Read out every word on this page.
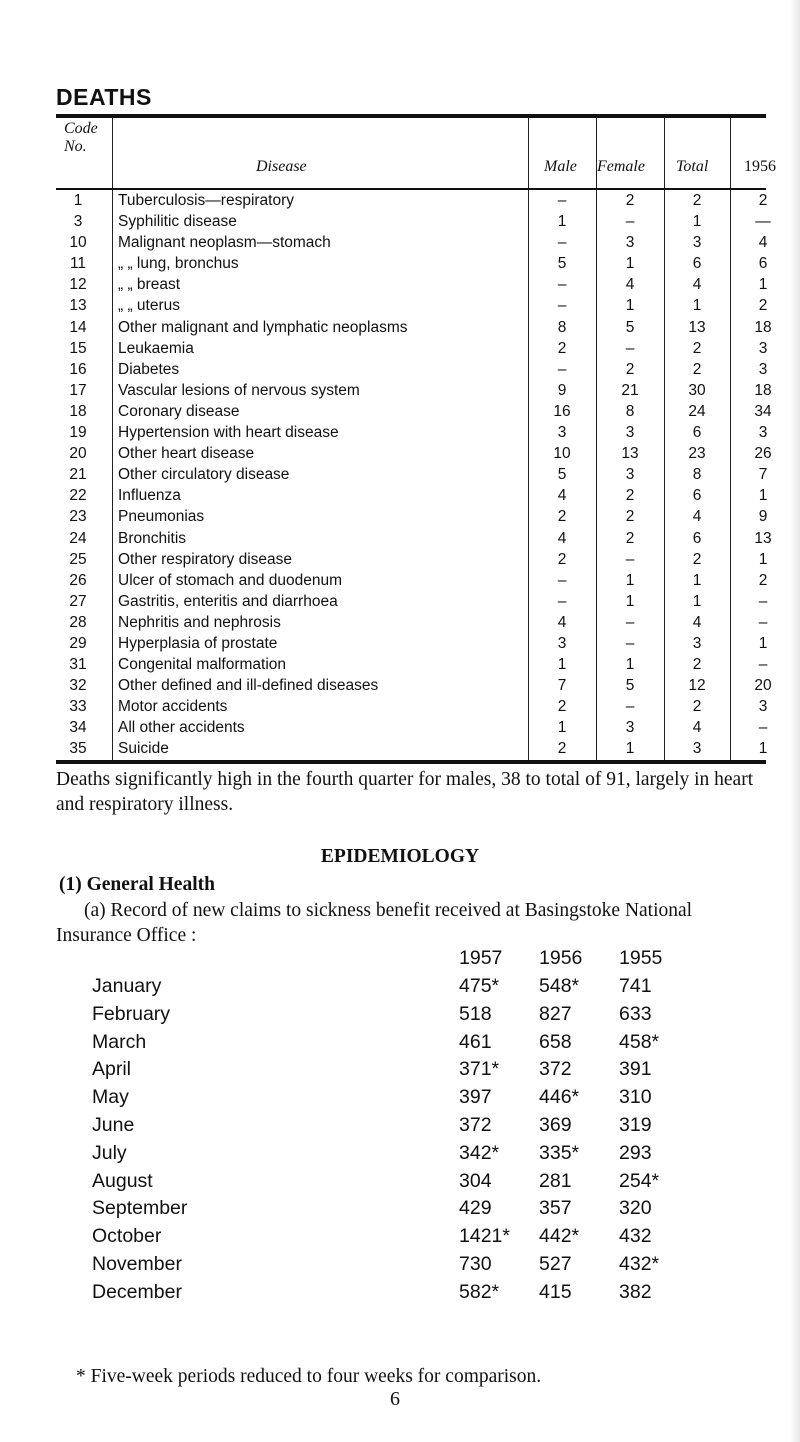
DEATHS
Code
No.
Disease	Male Female Total 1956
1	Tuberculosis—respiratory	–	2	2	2
3	Syphilitic disease	1	–	1	—
10	Malignant neoplasm—stomach	–	3	3	4
11	„ „ lung, bronchus	5	1	6	6
12	„ „ breast	–	4	4	1
13	„ „ uterus	–	1	1	2
14	Other malignant and lymphatic neoplasms	8	5	13	18
15	Leukaemia	2	–	2	3
16	Diabetes	–	2	2	3
17	Vascular lesions of nervous system	9	21	30	18
18	Coronary disease	16	8	24	34
19	Hypertension with heart disease	3	3	6	3
20	Other heart disease	10	13	23	26
21	Other circulatory disease	5	3	8	7
22	Influenza	4	2	6	1
23	Pneumonias	2	2	4	9
24	Bronchitis	4	2	6	13
25	Other respiratory disease	2	–	2	1
26	Ulcer of stomach and duodenum	–	1	1	2
27	Gastritis, enteritis and diarrhoea	–	1	1	–
28	Nephritis and nephrosis	4	–	4	–
29	Hyperplasia of prostate	3	–	3	1
31	Congenital malformation	1	1	2	–
32	Other defined and ill-defined diseases	7	5	12	20
33	Motor accidents	2	–	2	3
34	All other accidents	1	3	4	–
35	Suicide	2	1	3	1
Deaths significantly high in the fourth quarter for males, 38 to total of 91, largely in heart and respiratory illness.
EPIDEMIOLOGY
(1) General Health
(a) Record of new claims to sickness benefit received at Basingstoke National Insurance Office :
1957 1956 1955
January	475* 548* 741
February	518 827 633
March	461 658 458*
April	371* 372 391
May	397 446* 310
June	372 369 319
July	342* 335* 293
August	304 281 254*
September	429 357 320
October	1421* 442* 432
November	730 527 432*
December	582* 415 382
* Five-week periods reduced to four weeks for comparison.
6
